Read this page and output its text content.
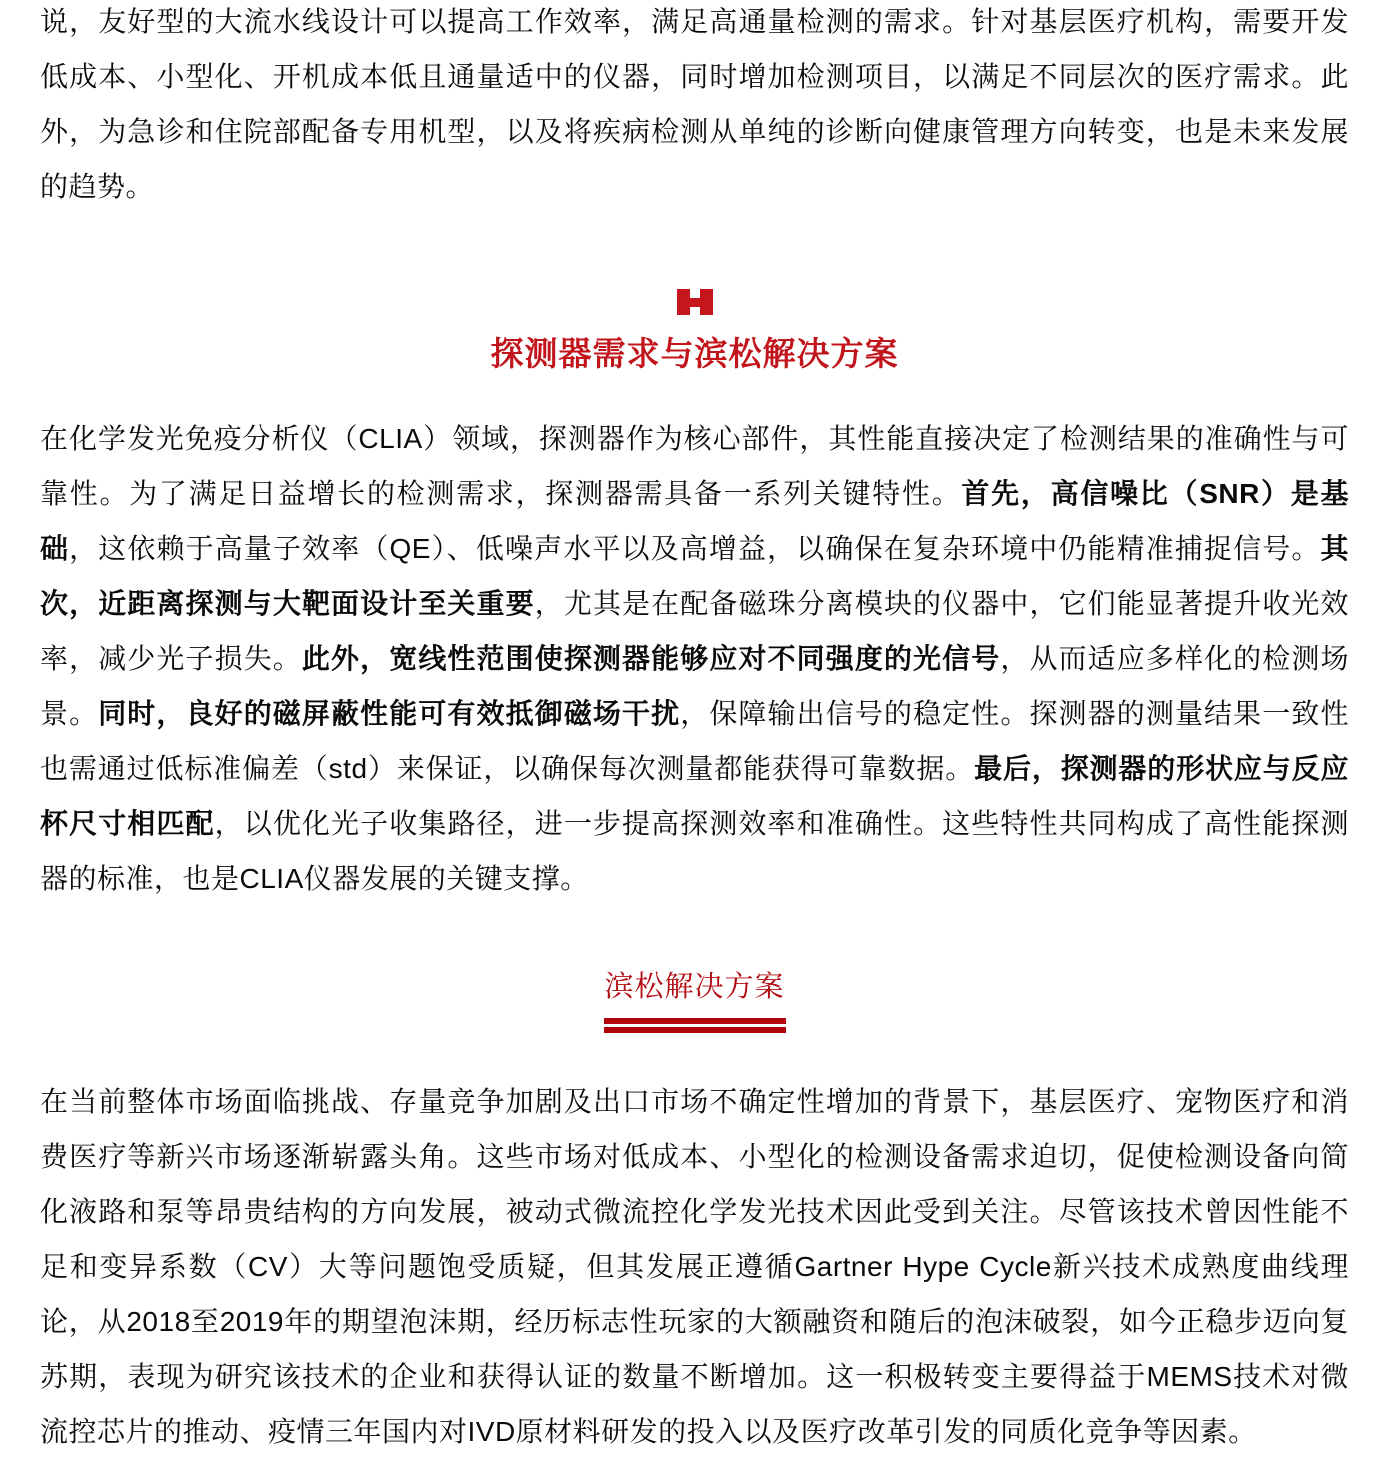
说，友好型的大流水线设计可以提高工作效率，满足高通量检测的需求。针对基层医疗机构，需要开发低成本、小型化、开机成本低且通量适中的仪器，同时增加检测项目，以满足不同层次的医疗需求。此外，为急诊和住院部配备专用机型，以及将疾病检测从单纯的诊断向健康管理方向转变，也是未来发展的趋势。

探测器需求与滨松解决方案

在化学发光免疫分析仪（CLIA）领域，探测器作为核心部件，其性能直接决定了检测结果的准确性与可靠性。为了满足日益增长的检测需求，探测器需具备一系列关键特性。首先，高信噪比（SNR）是基础，这依赖于高量子效率（QE）、低噪声水平以及高增益，以确保在复杂环境中仍能精准捕捉信号。其次，近距离探测与大靶面设计至关重要，尤其是在配备磁珠分离模块的仪器中，它们能显著提升收光效率，减少光子损失。此外，宽线性范围使探测器能够应对不同强度的光信号，从而适应多样化的检测场景。同时，良好的磁屏蔽性能可有效抵御磁场干扰，保障输出信号的稳定性。探测器的测量结果一致性也需通过低标准偏差（std）来保证，以确保每次测量都能获得可靠数据。最后，探测器的形状应与反应杯尺寸相匹配，以优化光子收集路径，进一步提高探测效率和准确性。这些特性共同构成了高性能探测器的标准，也是CLIA仪器发展的关键支撑。

滨松解决方案

在当前整体市场面临挑战、存量竞争加剧及出口市场不确定性增加的背景下，基层医疗、宠物医疗和消费医疗等新兴市场逐渐崭露头角。这些市场对低成本、小型化的检测设备需求迫切，促使检测设备向简化液路和泵等昂贵结构的方向发展，被动式微流控化学发光技术因此受到关注。尽管该技术曾因性能不足和变异系数（CV）大等问题饱受质疑，但其发展正遵循Gartner Hype Cycle新兴技术成熟度曲线理论，从2018至2019年的期望泡沫期，经历标志性玩家的大额融资和随后的泡沫破裂，如今正稳步迈向复苏期，表现为研究该技术的企业和获得认证的数量不断增加。这一积极转变主要得益于MEMS技术对微流控芯片的推动、疫情三年国内对IVD原材料研发的投入以及医疗改革引发的同质化竞争等因素。
